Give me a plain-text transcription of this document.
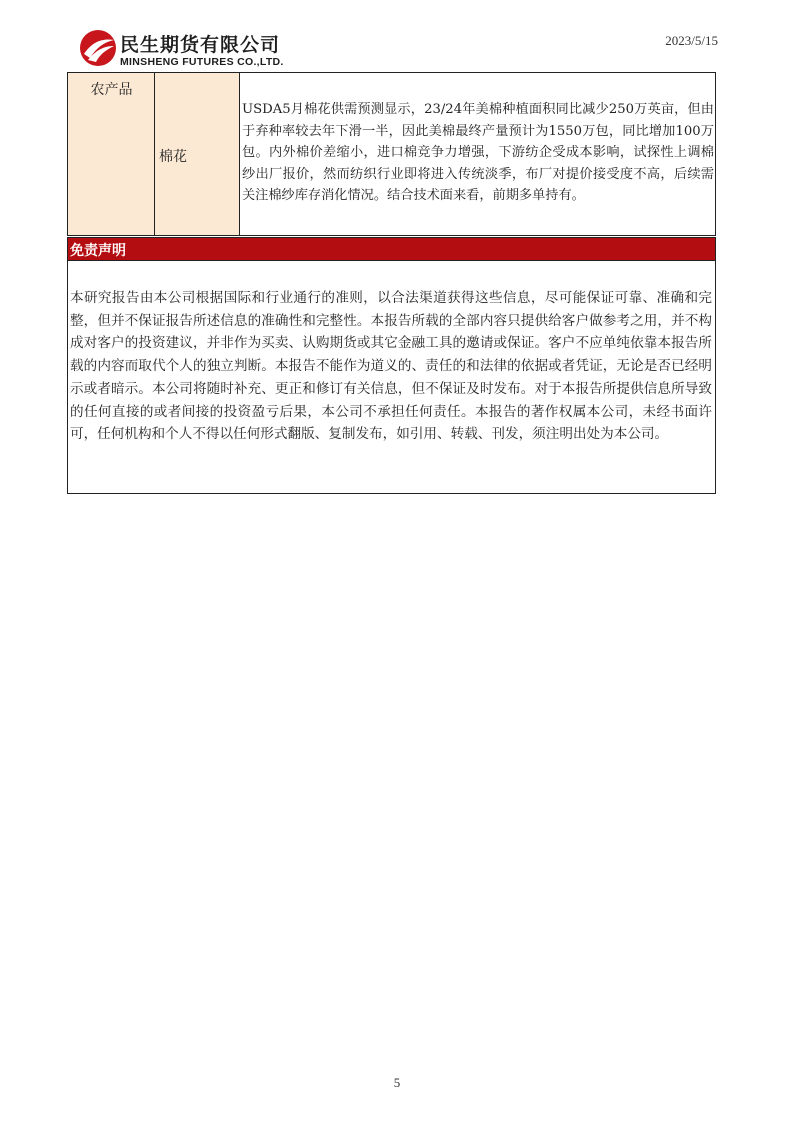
民生期货有限公司
MINSHENG FUTURES CO.,LTD.
2023/5/15
农产品
棉花

USDA5月棉花供需预测显示，23/24年美棉种植面积同比减少250万英亩，但由于弃种率较去年下滑一半，因此美棉最终产量预计为1550万包，同比增加100万包。内外棉价差缩小，进口棉竞争力增强，下游纺企受成本影响，试探性上调棉纱出厂报价，然而纺织行业即将进入传统淡季，布厂对提价接受度不高，后续需关注棉纱库存消化情况。结合技术面来看，前期多单持有。

免责声明

本研究报告由本公司根据国际和行业通行的准则，以合法渠道获得这些信息，尽可能保证可靠、准确和完整，但并不保证报告所述信息的准确性和完整性。本报告所载的全部内容只提供给客户做参考之用，并不构成对客户的投资建议，并非作为买卖、认购期货或其它金融工具的邀请或保证。客户不应单纯依靠本报告所载的内容而取代个人的独立判断。本报告不能作为道义的、责任的和法律的依据或者凭证，无论是否已经明示或者暗示。本公司将随时补充、更正和修订有关信息，但不保证及时发布。对于本报告所提供信息所导致的任何直接的或者间接的投资盈亏后果，本公司不承担任何责任。本报告的著作权属本公司，未经书面许可，任何机构和个人不得以任何形式翻版、复制发布，如引用、转载、刊发，须注明出处为本公司。

5
